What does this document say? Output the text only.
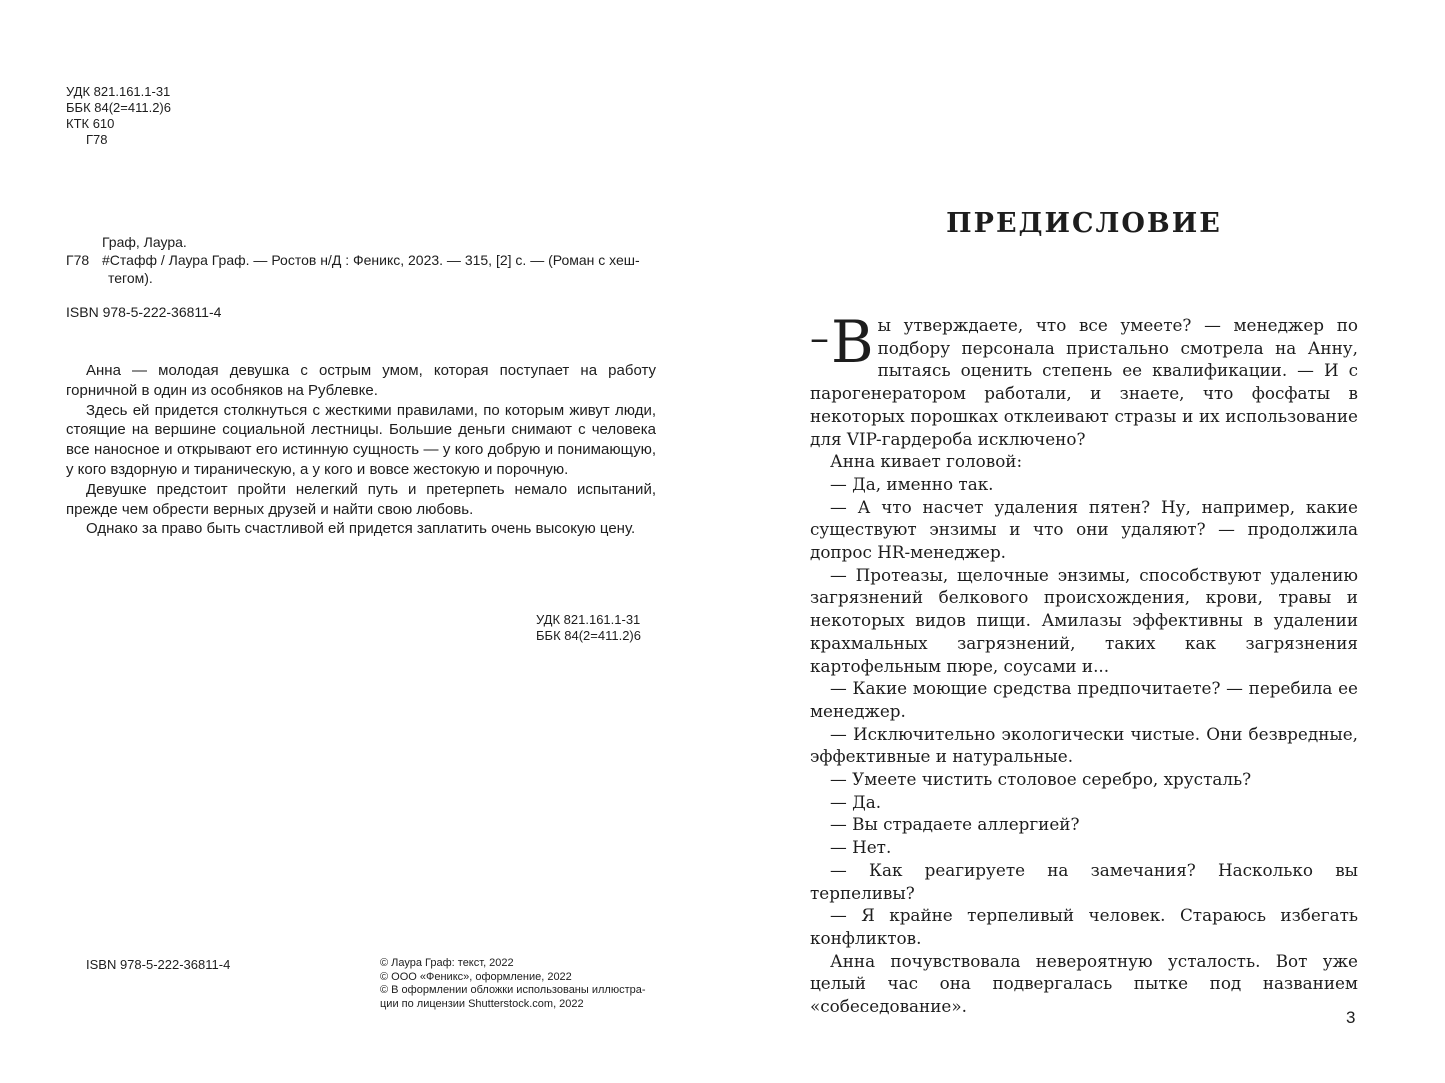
УДК 821.161.1-31
ББК 84(2=411.2)6
КТК 610
Г78
Граф, Лаура.
Г78 #Стафф / Лаура Граф. — Ростов н/Д : Феникс, 2023. — 315, [2] с. — (Роман с хеш-
тегом).
ISBN 978-5-222-36811-4

Анна — молодая девушка с острым умом, которая поступает на работу горничной в один из особняков на Рублевке.

Здесь ей придется столкнуться с жесткими правилами, по которым живут люди, стоящие на вершине социальной лестницы. Большие деньги снимают с человека все наносное и открывают его истинную сущность — у кого добрую и понимающую, у кого вздорную и тираническую, а у кого и вовсе жестокую и порочную.

Девушке предстоит пройти нелегкий путь и претерпеть немало испытаний, прежде чем обрести верных друзей и найти свою любовь.

Однако за право быть счастливой ей придется заплатить очень высокую цену.

УДК 821.161.1-31
ББК 84(2=411.2)6
ISBN 978-5-222-36811-4	© Лаура Граф: текст, 2022
© ООО «Феникс», оформление, 2022
© В оформлении обложки использованы иллюстра-
ции по лицензии Shutterstock.com, 2022
ПРЕДИСЛОВИЕ

– В ы утверждаете, что все умеете? — менеджер по подбору персонала пристально смотрела на Анну, пытаясь оценить степень ее квалификации. — И с парогенератором работали, и знаете, что фосфаты в некоторых порошках отклеивают стразы и их использование для VIP-гардероба исключено?

Анна кивает головой:

— Да, именно так.

— А что насчет удаления пятен? Ну, например, какие существуют энзимы и что они удаляют? — продолжила допрос HR-менеджер.

— Протеазы, щелочные энзимы, способствуют удалению загрязнений белкового происхождения, крови, травы и некоторых видов пищи. Амилазы эффективны в удалении крахмальных загрязнений, таких как загрязнения картофельным пюре, соусами и...

— Какие моющие средства предпочитаете? — перебила ее менеджер.

— Исключительно экологически чистые. Они безвредные, эффективные и натуральные.

— Умеете чистить столовое серебро, хрусталь?

— Да.

— Вы страдаете аллергией?

— Нет.

— Как реагируете на замечания? Насколько вы терпеливы?

— Я крайне терпеливый человек. Стараюсь избегать конфликтов.

Анна почувствовала невероятную усталость. Вот уже целый час она подвергалась пытке под названием «собеседование».

3
